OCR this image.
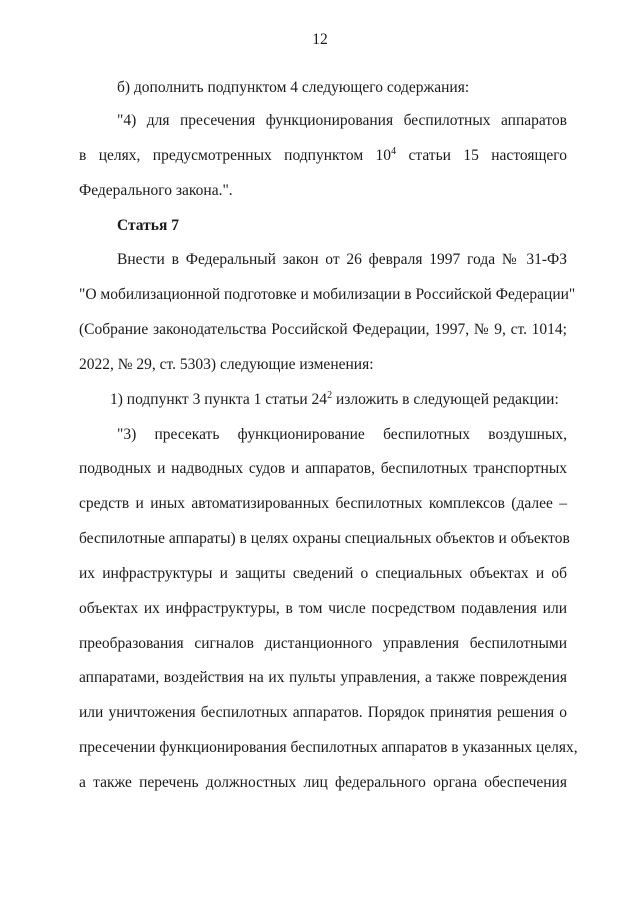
12
б) дополнить подпунктом 4 следующего содержания:
"4) для пресечения функционирования беспилотных аппаратов
в целях, предусмотренных подпунктом $10^4$ статьи 15 настоящего
Федерального закона.".
Статья 7
Внести в Федеральный закон от 26 февраля 1997 года № 31-ФЗ
"О мобилизационной подготовке и мобилизации в Российской Федерации"
(Собрание законодательства Российской Федерации, 1997, № 9, ст. 1014;
2022, № 29, ст. 5303) следующие изменения:
1) подпункт 3 пункта 1 статьи $24^2$ изложить в следующей редакции:
"3) пресекать функционирование беспилотных воздушных,
подводных и надводных судов и аппаратов, беспилотных транспортных
средств и иных автоматизированных беспилотных комплексов (далее –
беспилотные аппараты) в целях охраны специальных объектов и объектов
их инфраструктуры и защиты сведений о специальных объектах и об
объектах их инфраструктуры, в том числе посредством подавления или
преобразования сигналов дистанционного управления беспилотными
аппаратами, воздействия на их пульты управления, а также повреждения
или уничтожения беспилотных аппаратов. Порядок принятия решения о
пресечении функционирования беспилотных аппаратов в указанных целях,
а также перечень должностных лиц федерального органа обеспечения
